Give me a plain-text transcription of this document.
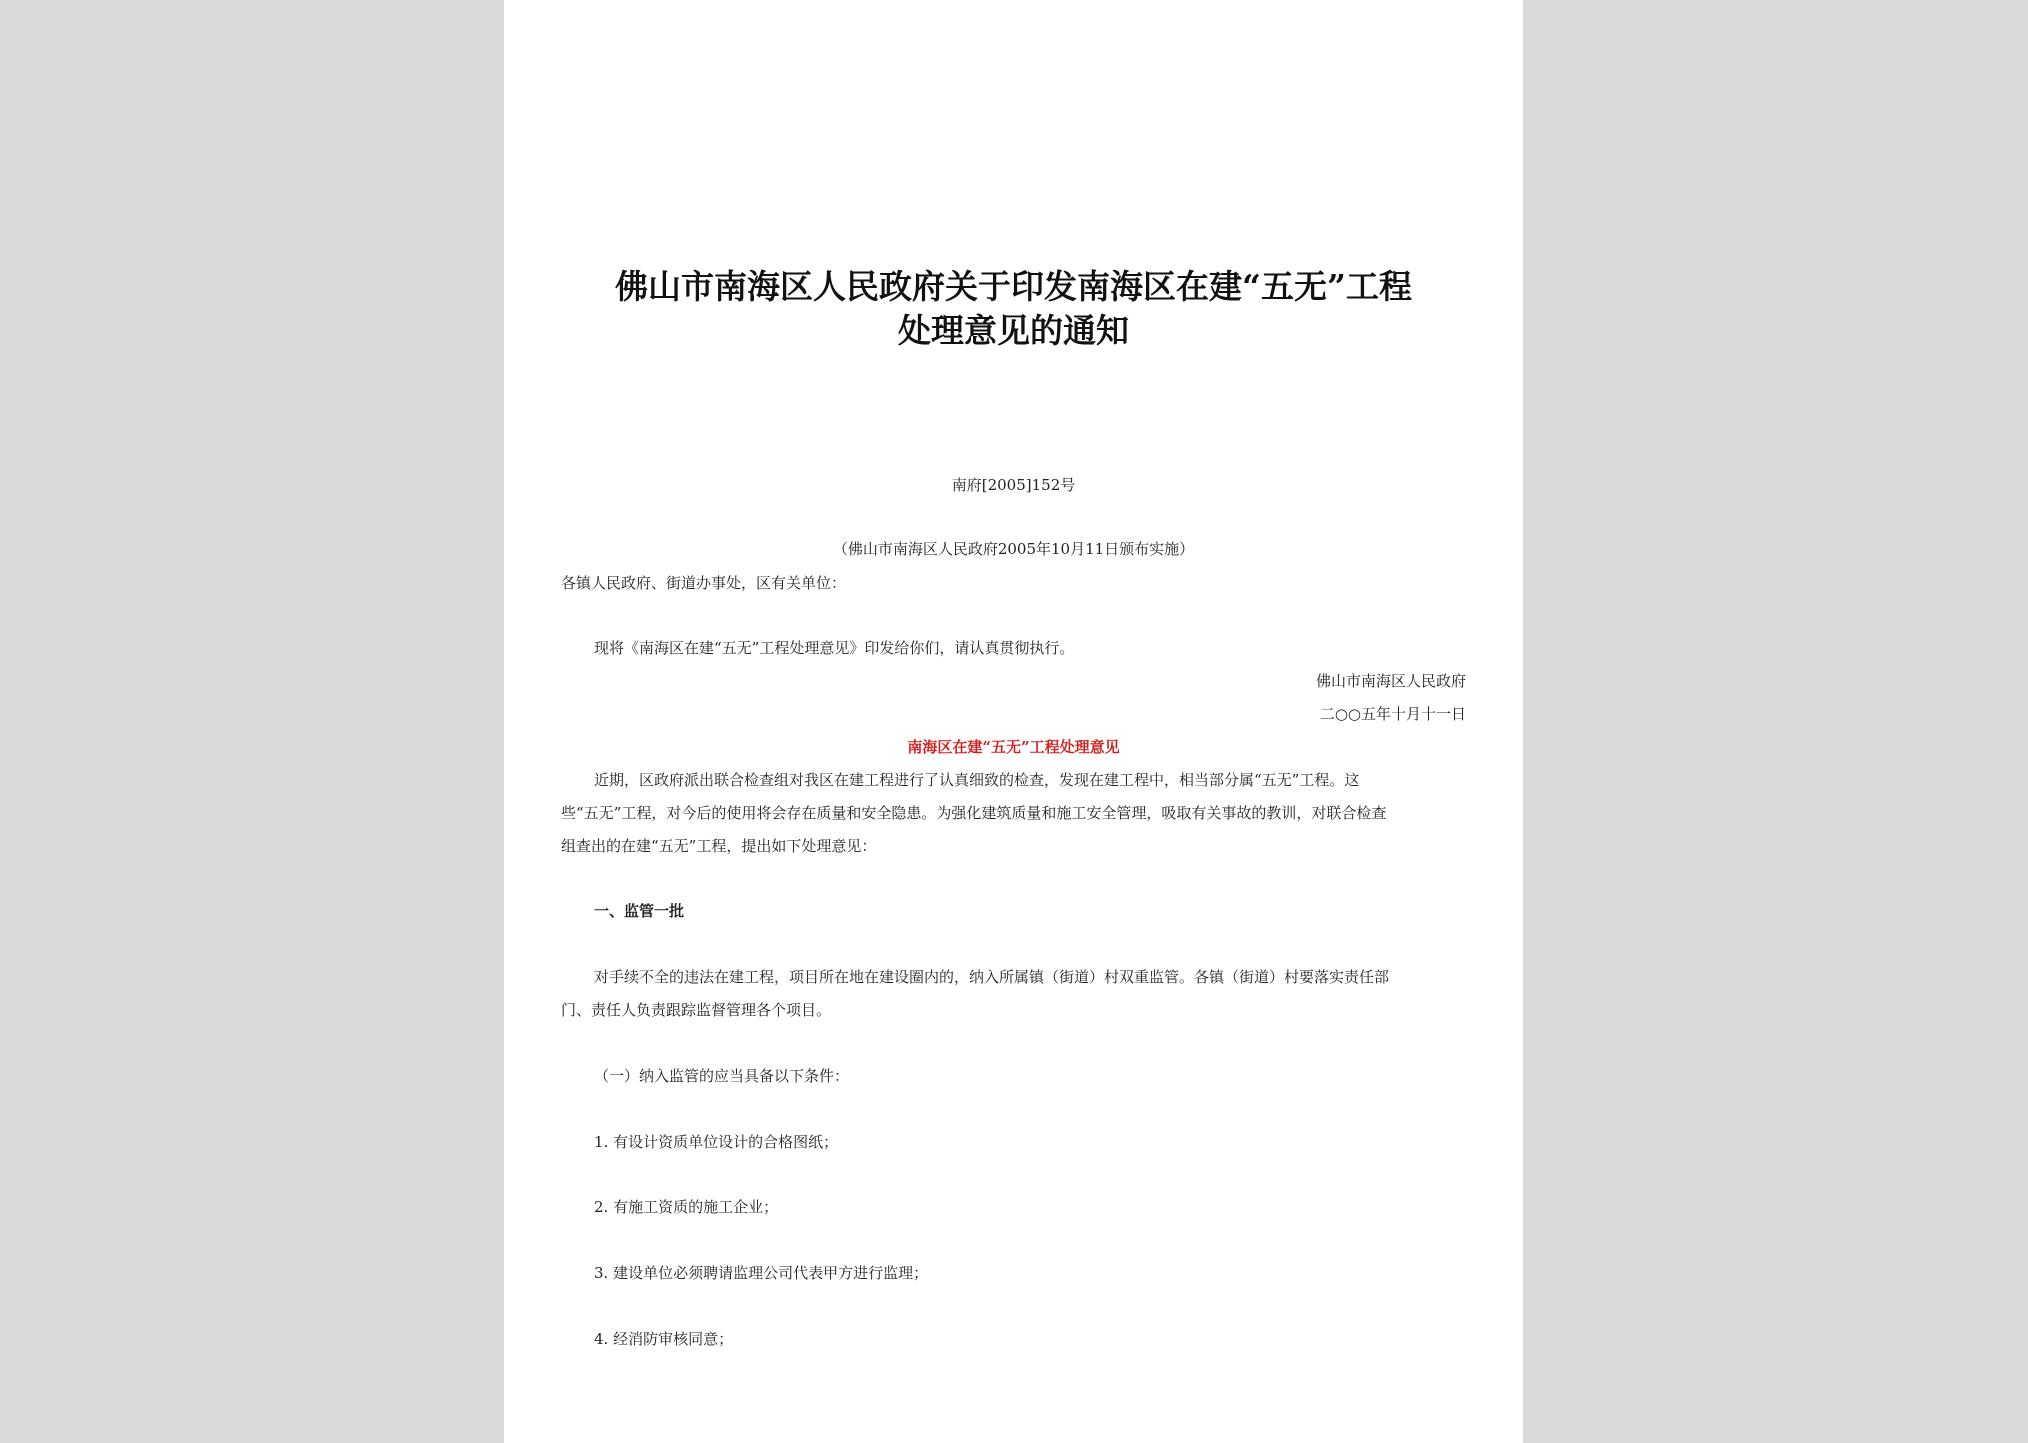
佛山市南海区人民政府关于印发南海区在建“五无”工程
处理意见的通知
南府[2005]152号
（佛山市南海区人民政府2005年10月11日颁布实施）
各镇人民政府、街道办事处，区有关单位：
现将《南海区在建“五无”工程处理意见》印发给你们，请认真贯彻执行。
佛山市南海区人民政府
二○○五年十月十一日
南海区在建“五无”工程处理意见
近期，区政府派出联合检查组对我区在建工程进行了认真细致的检查，发现在建工程中，相当部分属“五无”工程。这
些“五无”工程，对今后的使用将会存在质量和安全隐患。为强化建筑质量和施工安全管理，吸取有关事故的教训，对联合检查
组查出的在建“五无”工程，提出如下处理意见：
一、监管一批
对手续不全的违法在建工程，项目所在地在建设圈内的，纳入所属镇（街道）村双重监管。各镇（街道）村要落实责任部
门、责任人负责跟踪监督管理各个项目。
（一）纳入监管的应当具备以下条件：
1. 有设计资质单位设计的合格图纸；
2. 有施工资质的施工企业；
3. 建设单位必须聘请监理公司代表甲方进行监理；
4. 经消防审核同意；
